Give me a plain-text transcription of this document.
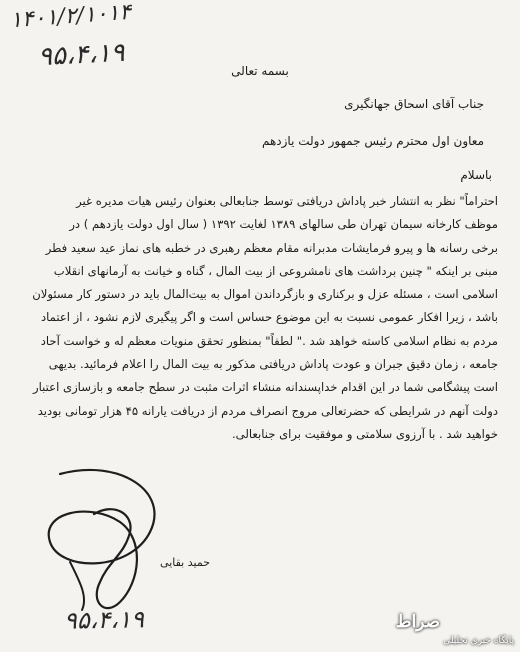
۱۴۰۱/۲/۱۰۱۴
۹۵،۴،۱۹	بسمه تعالی
جناب آقای اسحاق جهانگیری
معاون اول محترم رئیس جمهور دولت یازدهم
باسلام
احتراماً" نظر به انتشار خبر پاداش دریافتی توسط جنابعالی بعنوان رئیس هیات مدیره غیر
موظف کارخانه سیمان تهران طی سالهای ۱۳۸۹ لغایت ۱۳۹۲ ( سال اول دولت یازدهم ) در
برخی رسانه ها و پیرو فرمایشات مدبرانه مقام معظم رهبری در خطبه های نماز عید سعید فطر
مبنی بر اینکه " چنین برداشت های نامشروعی از بیت المال ، گناه و خیانت به آرمانهای انقلاب
اسلامی است ، مسئله عزل و برکناری و بازگرداندن اموال به بیت‌المال باید در دستور کار مسئولان
باشد ، زیرا افکار عمومی نسبت به این موضوع حساس است و اگر پیگیری لازم نشود ، از اعتماد
مردم به نظام اسلامی کاسته خواهد شد ." لطفاً" بمنظور تحقق منویات معظم له و خواست آحاد
جامعه ، زمان دقیق جبران و عودت پاداش دریافتی مذکور به بیت المال را اعلام فرمائید. بدیهی
است پیشگامی شما در این اقدام خداپسندانه منشاء اثرات مثبت در سطح جامعه و بازسازی اعتبار
دولت آنهم در شرایطی که حضرتعالی مروج انصراف مردم از دریافت یارانه ۴۵ هزار تومانی بودید
خواهید شد . با آرزوی سلامتی و موفقیت برای جنابعالی.
حمید بقایی
۹۵،۴،۱۹	صراط
پایگاه خبری تحلیلی
